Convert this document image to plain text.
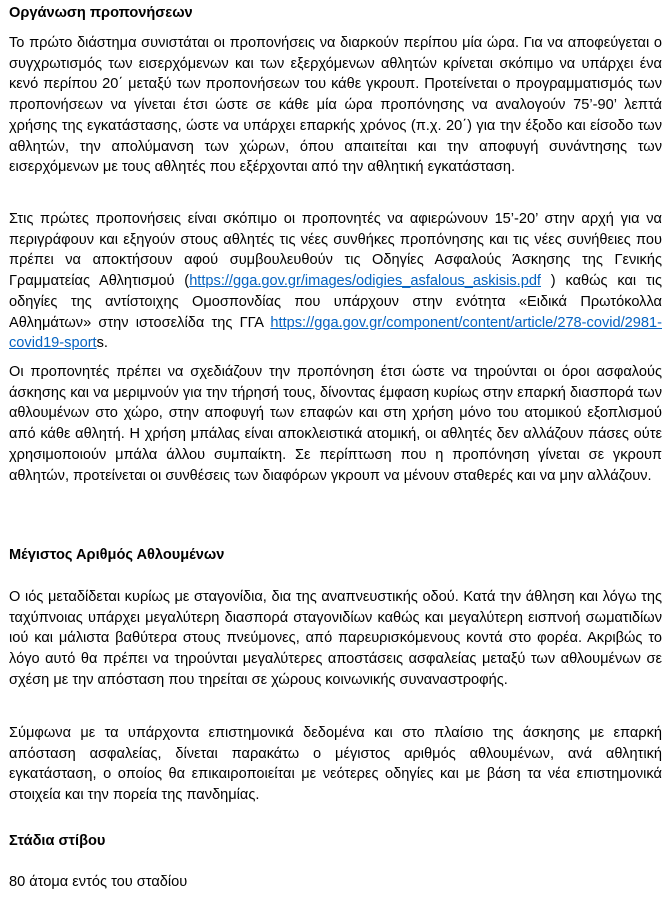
Οργάνωση προπονήσεων

Το πρώτο διάστημα συνιστάται οι προπονήσεις να διαρκούν περίπου μία ώρα. Για να αποφεύγεται ο συγχρωτισμός των εισερχόμενων και των εξερχόμενων αθλητών κρίνεται σκόπιμο να υπάρχει ένα κενό περίπου 20΄ μεταξύ των προπονήσεων του κάθε γκρουπ. Προτείνεται ο προγραμματισμός των προπονήσεων να γίνεται έτσι ώστε σε κάθε μία ώρα προπόνησης να αναλογούν 75’-90’ λεπτά χρήσης της εγκατάστασης, ώστε να υπάρχει επαρκής χρόνος (π.χ. 20΄) για την έξοδο και είσοδο των αθλητών, την απολύμανση των χώρων, όπου απαιτείται και την αποφυγή συνάντησης των εισερχόμενων με τους αθλητές που εξέρχονται από την αθλητική εγκατάσταση.

Στις πρώτες προπονήσεις είναι σκόπιμο οι προπονητές να αφιερώνουν 15’-20’ στην αρχή για να περιγράφουν και εξηγούν στους αθλητές τις νέες συνθήκες προπόνησης και τις νέες συνήθειες που πρέπει να αποκτήσουν αφού συμβουλευθούν τις Οδηγίες Ασφαλούς Άσκησης της Γενικής Γραμματείας Αθλητισμού (https://gga.gov.gr/images/odigies_asfalous_askisis.pdf ) καθώς και τις οδηγίες της αντίστοιχης Ομοσπονδίας που υπάρχουν στην ενότητα «Ειδικά Πρωτόκολλα Αθλημάτων» στην ιστοσελίδα της ΓΓΑ https://gga.gov.gr/component/content/article/278-covid/2981-covid19-sports.

Οι προπονητές πρέπει να σχεδιάζουν την προπόνηση έτσι ώστε να τηρούνται οι όροι ασφαλούς άσκησης και να μεριμνούν για την τήρησή τους, δίνοντας έμφαση κυρίως στην επαρκή διασπορά των αθλουμένων στο χώρο, στην αποφυγή των επαφών και στη χρήση μόνο του ατομικού εξοπλισμού από κάθε αθλητή. Η χρήση μπάλας είναι αποκλειστικά ατομική, οι αθλητές δεν αλλάζουν πάσες ούτε χρησιμοποιούν μπάλα άλλου συμπαίκτη. Σε περίπτωση που η προπόνηση γίνεται σε γκρουπ αθλητών, προτείνεται οι συνθέσεις των διαφόρων γκρουπ να μένουν σταθερές και να μην αλλάζουν.

Μέγιστος Αριθμός Αθλουμένων

Ο ιός μεταδίδεται κυρίως με σταγονίδια, δια της αναπνευστικής οδού. Κατά την άθληση και λόγω της ταχύπνοιας υπάρχει μεγαλύτερη διασπορά σταγονιδίων καθώς και μεγαλύτερη εισπνοή σωματιδίων ιού και μάλιστα βαθύτερα στους πνεύμονες, από παρευρισκόμενους κοντά στο φορέα. Ακριβώς το λόγο αυτό θα πρέπει να τηρούνται μεγαλύτερες αποστάσεις ασφαλείας μεταξύ των αθλουμένων σε σχέση με την απόσταση που τηρείται σε χώρους κοινωνικής συναναστροφής.

Σύμφωνα με τα υπάρχοντα επιστημονικά δεδομένα και στο πλαίσιο της άσκησης με επαρκή απόσταση ασφαλείας, δίνεται παρακάτω ο μέγιστος αριθμός αθλουμένων, ανά αθλητική εγκατάσταση, ο οποίος θα επικαιροποιείται με νεότερες οδηγίες και με βάση τα νέα επιστημονικά στοιχεία και την πορεία της πανδημίας.

Στάδια στίβου

80 άτομα εντός του σταδίου
